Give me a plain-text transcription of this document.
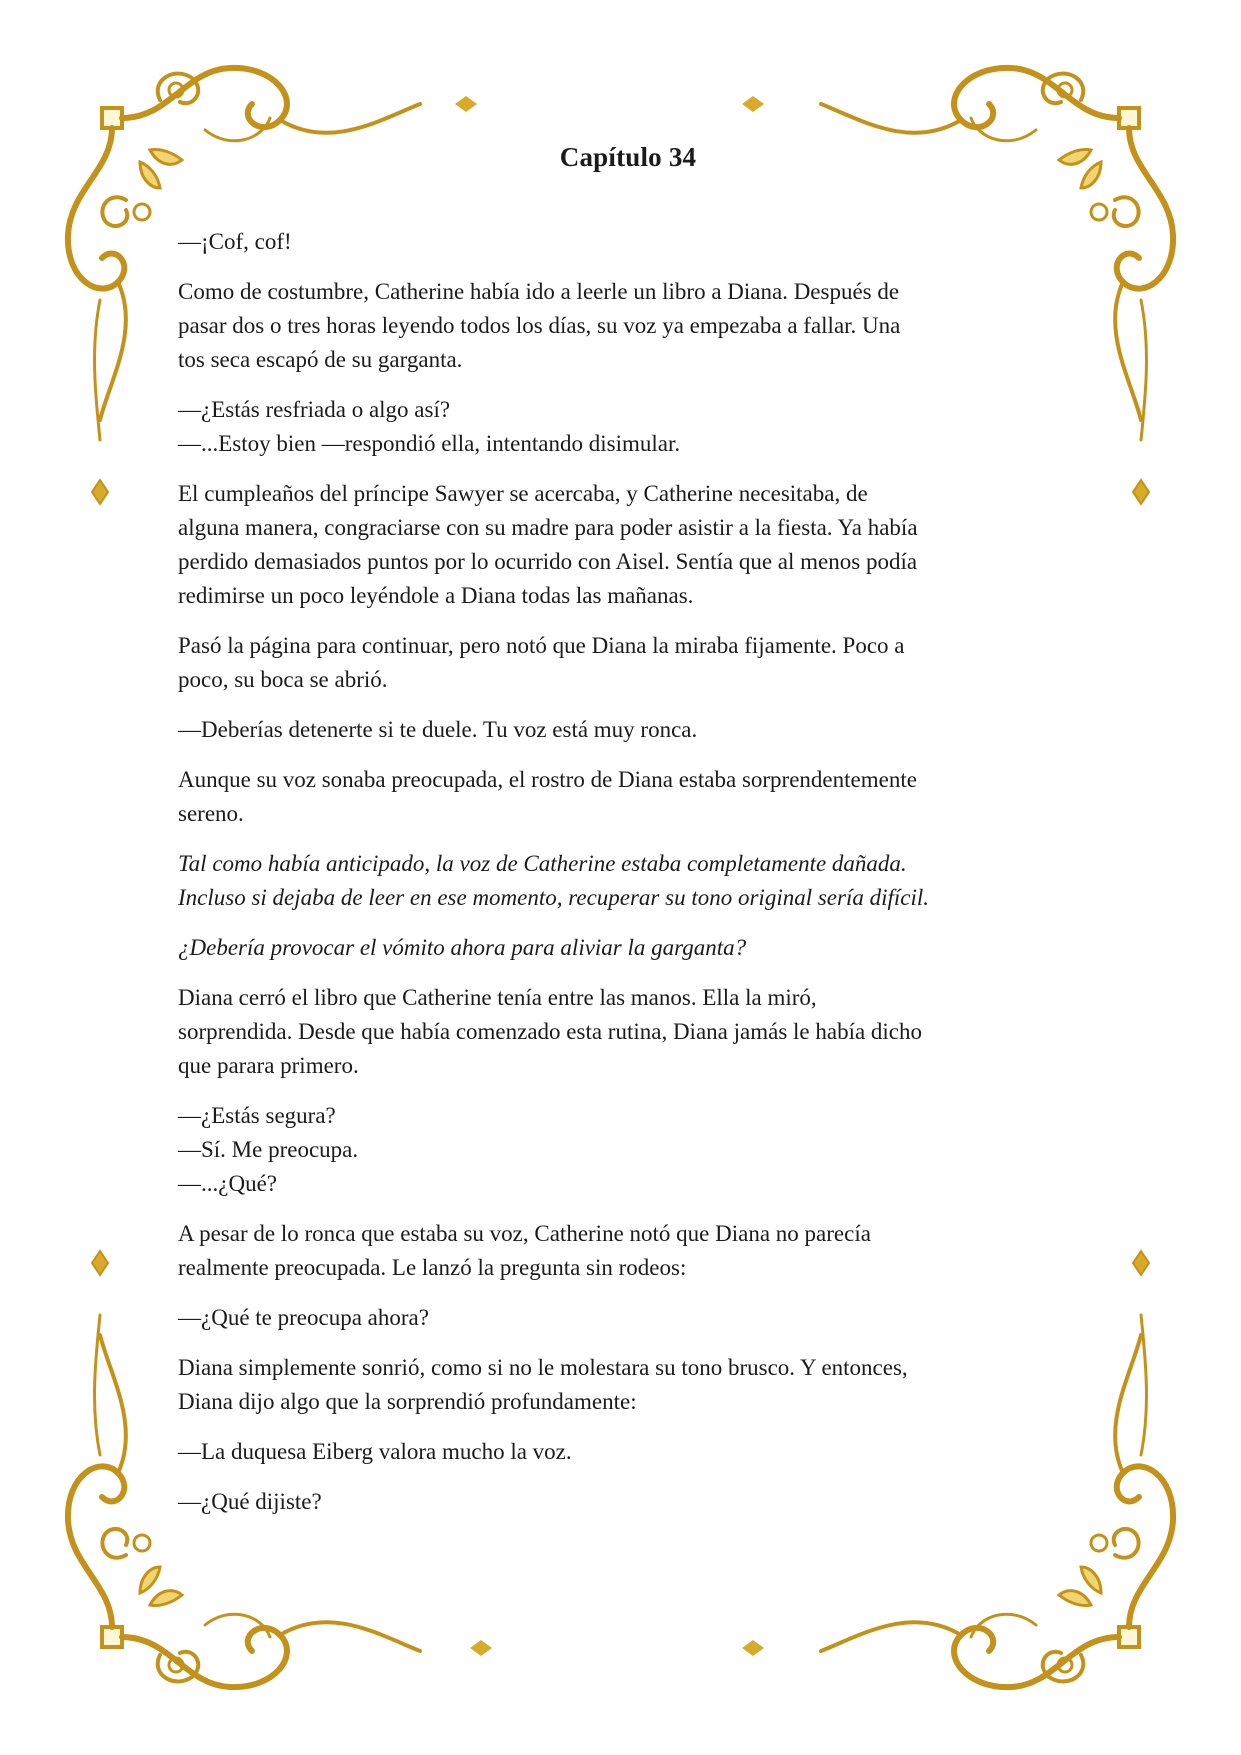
Capítulo 34
—¡Cof, cof!
Como de costumbre, Catherine había ido a leerle un libro a Diana. Después de
pasar dos o tres horas leyendo todos los días, su voz ya empezaba a fallar. Una
tos seca escapó de su garganta.
—¿Estás resfriada o algo así?
—...Estoy bien —respondió ella, intentando disimular.
El cumpleaños del príncipe Sawyer se acercaba, y Catherine necesitaba, de
alguna manera, congraciarse con su madre para poder asistir a la fiesta. Ya había
perdido demasiados puntos por lo ocurrido con Aisel. Sentía que al menos podía
redimirse un poco leyéndole a Diana todas las mañanas.
Pasó la página para continuar, pero notó que Diana la miraba fijamente. Poco a
poco, su boca se abrió.
—Deberías detenerte si te duele. Tu voz está muy ronca.
Aunque su voz sonaba preocupada, el rostro de Diana estaba sorprendentemente
sereno.
Tal como había anticipado, la voz de Catherine estaba completamente dañada.
Incluso si dejaba de leer en ese momento, recuperar su tono original sería difícil.
¿Debería provocar el vómito ahora para aliviar la garganta?
Diana cerró el libro que Catherine tenía entre las manos. Ella la miró,
sorprendida. Desde que había comenzado esta rutina, Diana jamás le había dicho
que parara primero.
—¿Estás segura?
—Sí. Me preocupa.
—...¿Qué?
A pesar de lo ronca que estaba su voz, Catherine notó que Diana no parecía
realmente preocupada. Le lanzó la pregunta sin rodeos:
—¿Qué te preocupa ahora?
Diana simplemente sonrió, como si no le molestara su tono brusco. Y entonces,
Diana dijo algo que la sorprendió profundamente:
—La duquesa Eiberg valora mucho la voz.
—¿Qué dijiste?
